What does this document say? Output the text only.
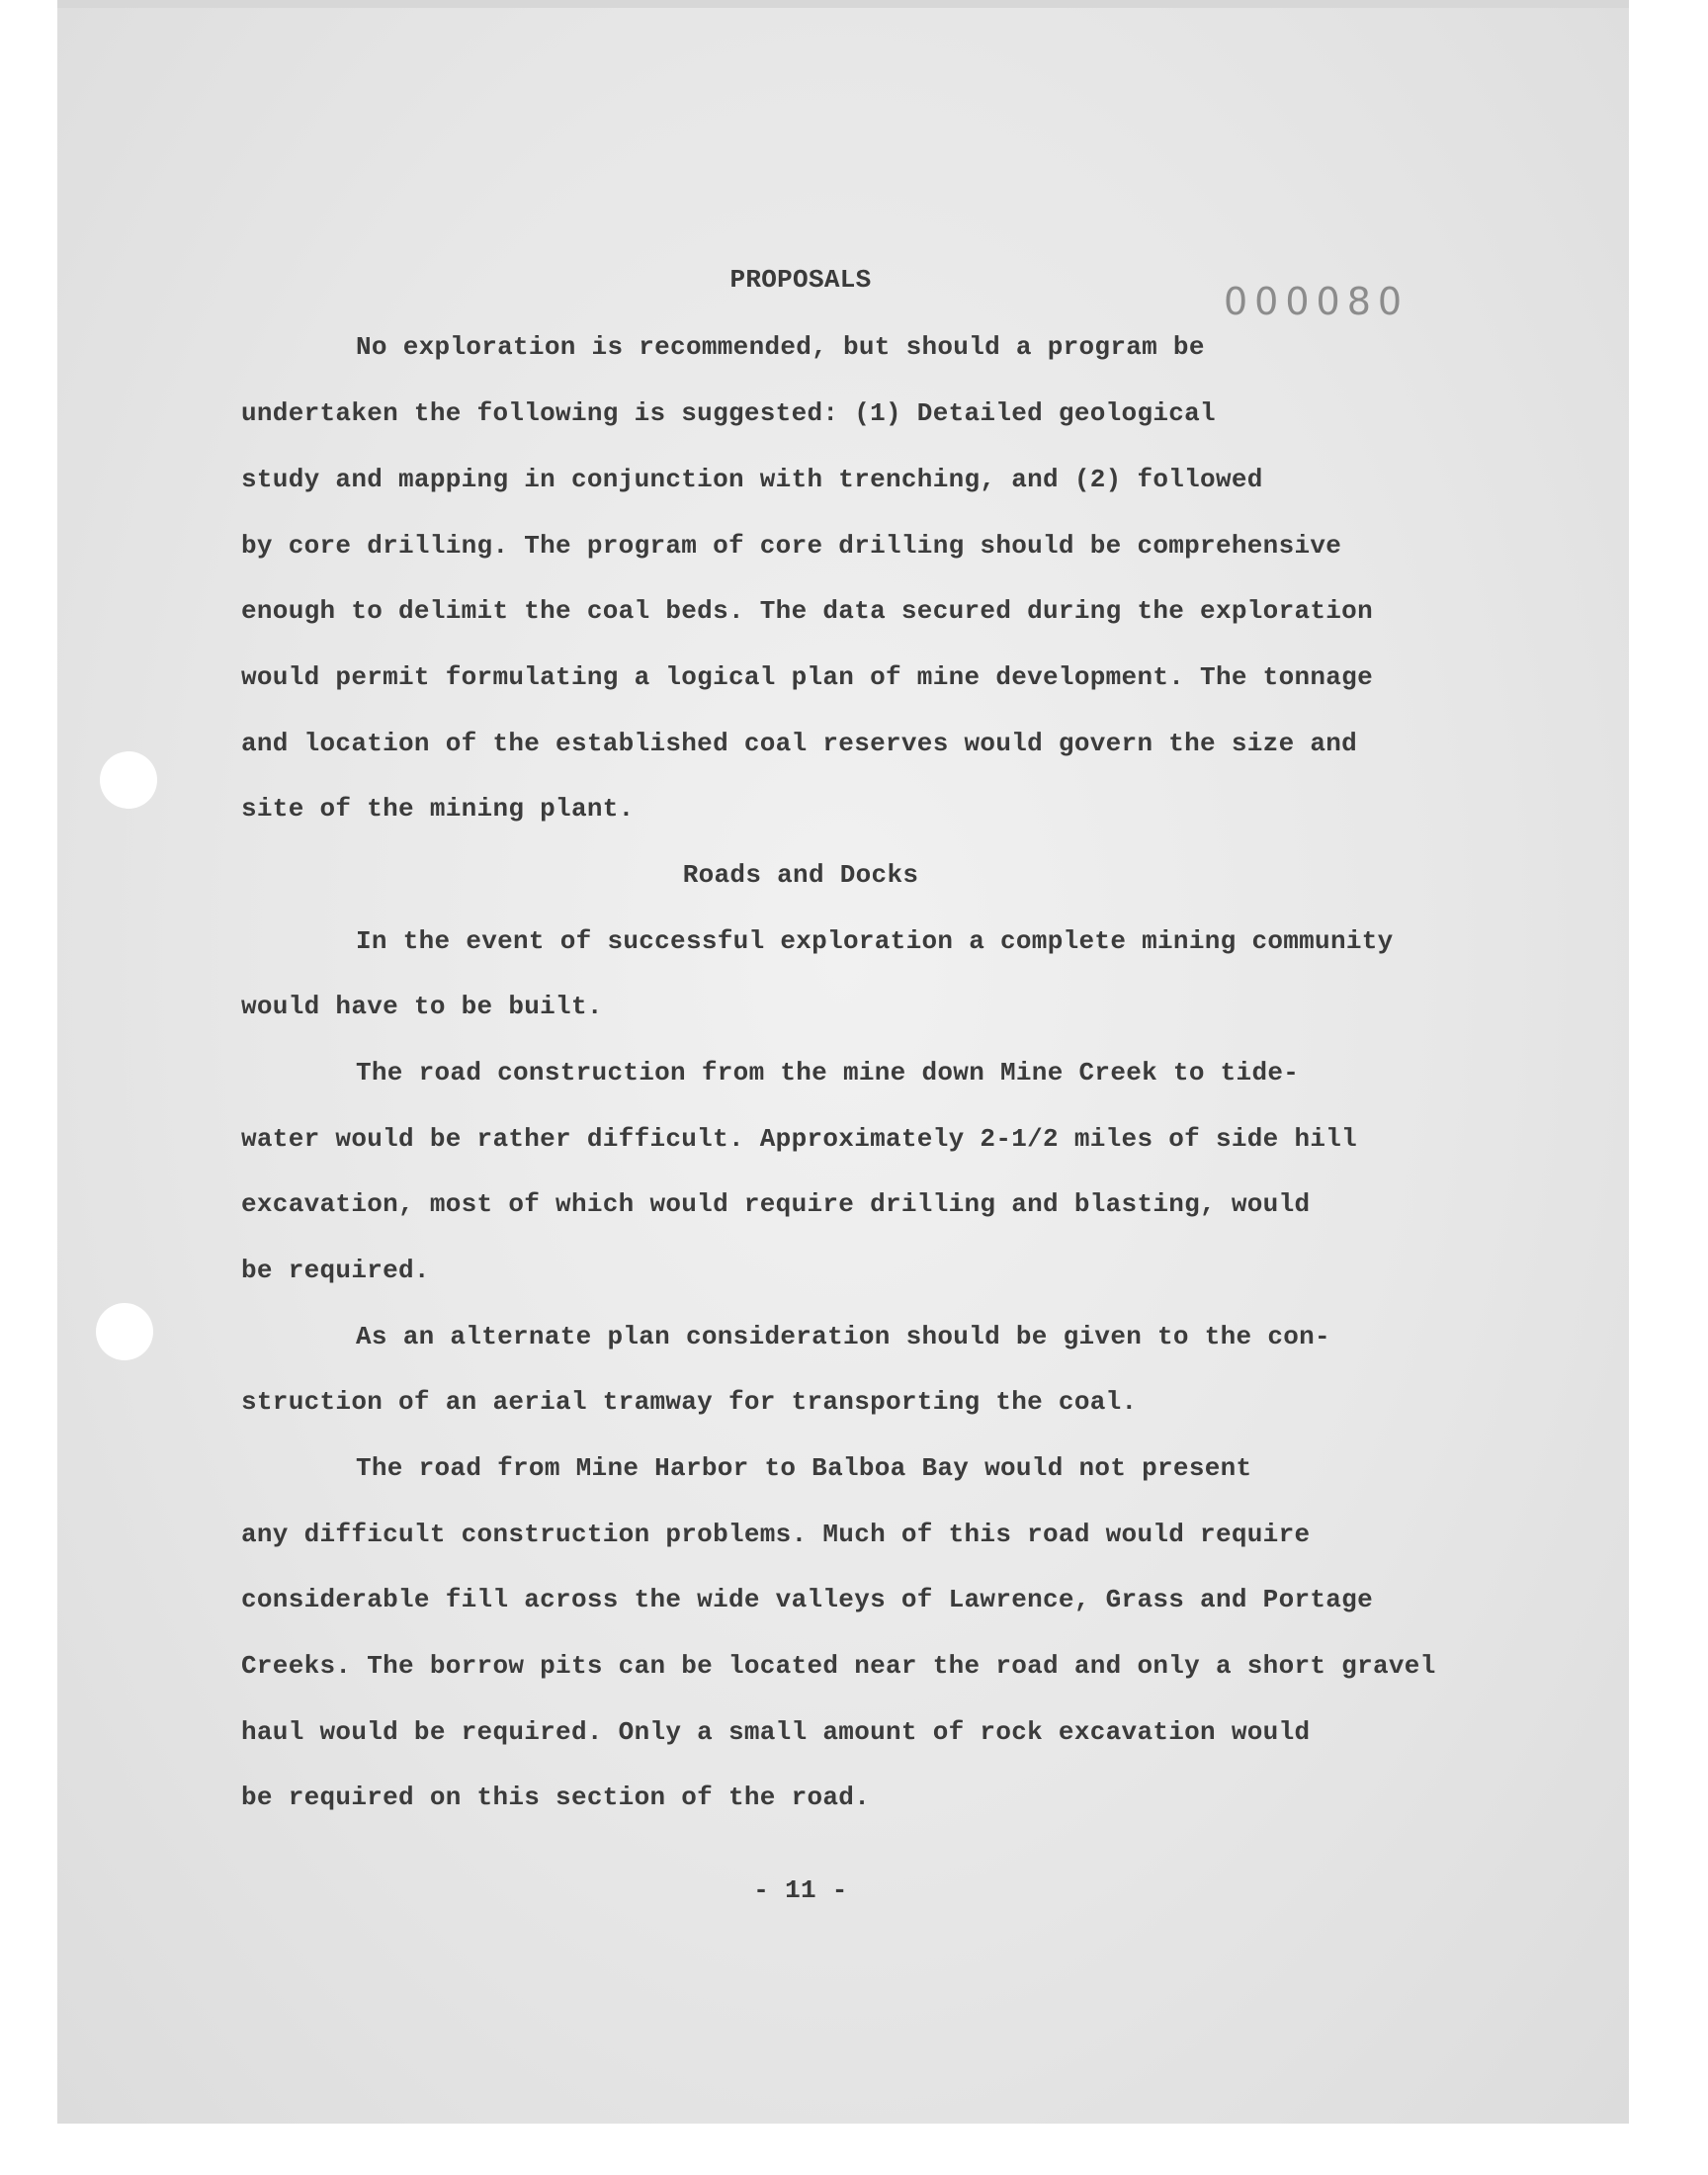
000080
PROPOSALS
No exploration is recommended, but should a program be
undertaken the following is suggested: (1) Detailed geological
study and mapping in conjunction with trenching, and (2) followed
by core drilling. The program of core drilling should be comprehensive
enough to delimit the coal beds. The data secured during the exploration
would permit formulating a logical plan of mine development. The tonnage
and location of the established coal reserves would govern the size and
site of the mining plant.
In the event of successful exploration a complete mining community
would have to be built.
The road construction from the mine down Mine Creek to tide-
water would be rather difficult. Approximately 2-1/2 miles of side hill
excavation, most of which would require drilling and blasting, would
be required.
As an alternate plan consideration should be given to the con-
struction of an aerial tramway for transporting the coal.
The road from Mine Harbor to Balboa Bay would not present
any difficult construction problems. Much of this road would require
considerable fill across the wide valleys of Lawrence, Grass and Portage
Creeks. The borrow pits can be located near the road and only a short gravel
haul would be required. Only a small amount of rock excavation would
be required on this section of the road.
Roads and Docks
- 11 -
